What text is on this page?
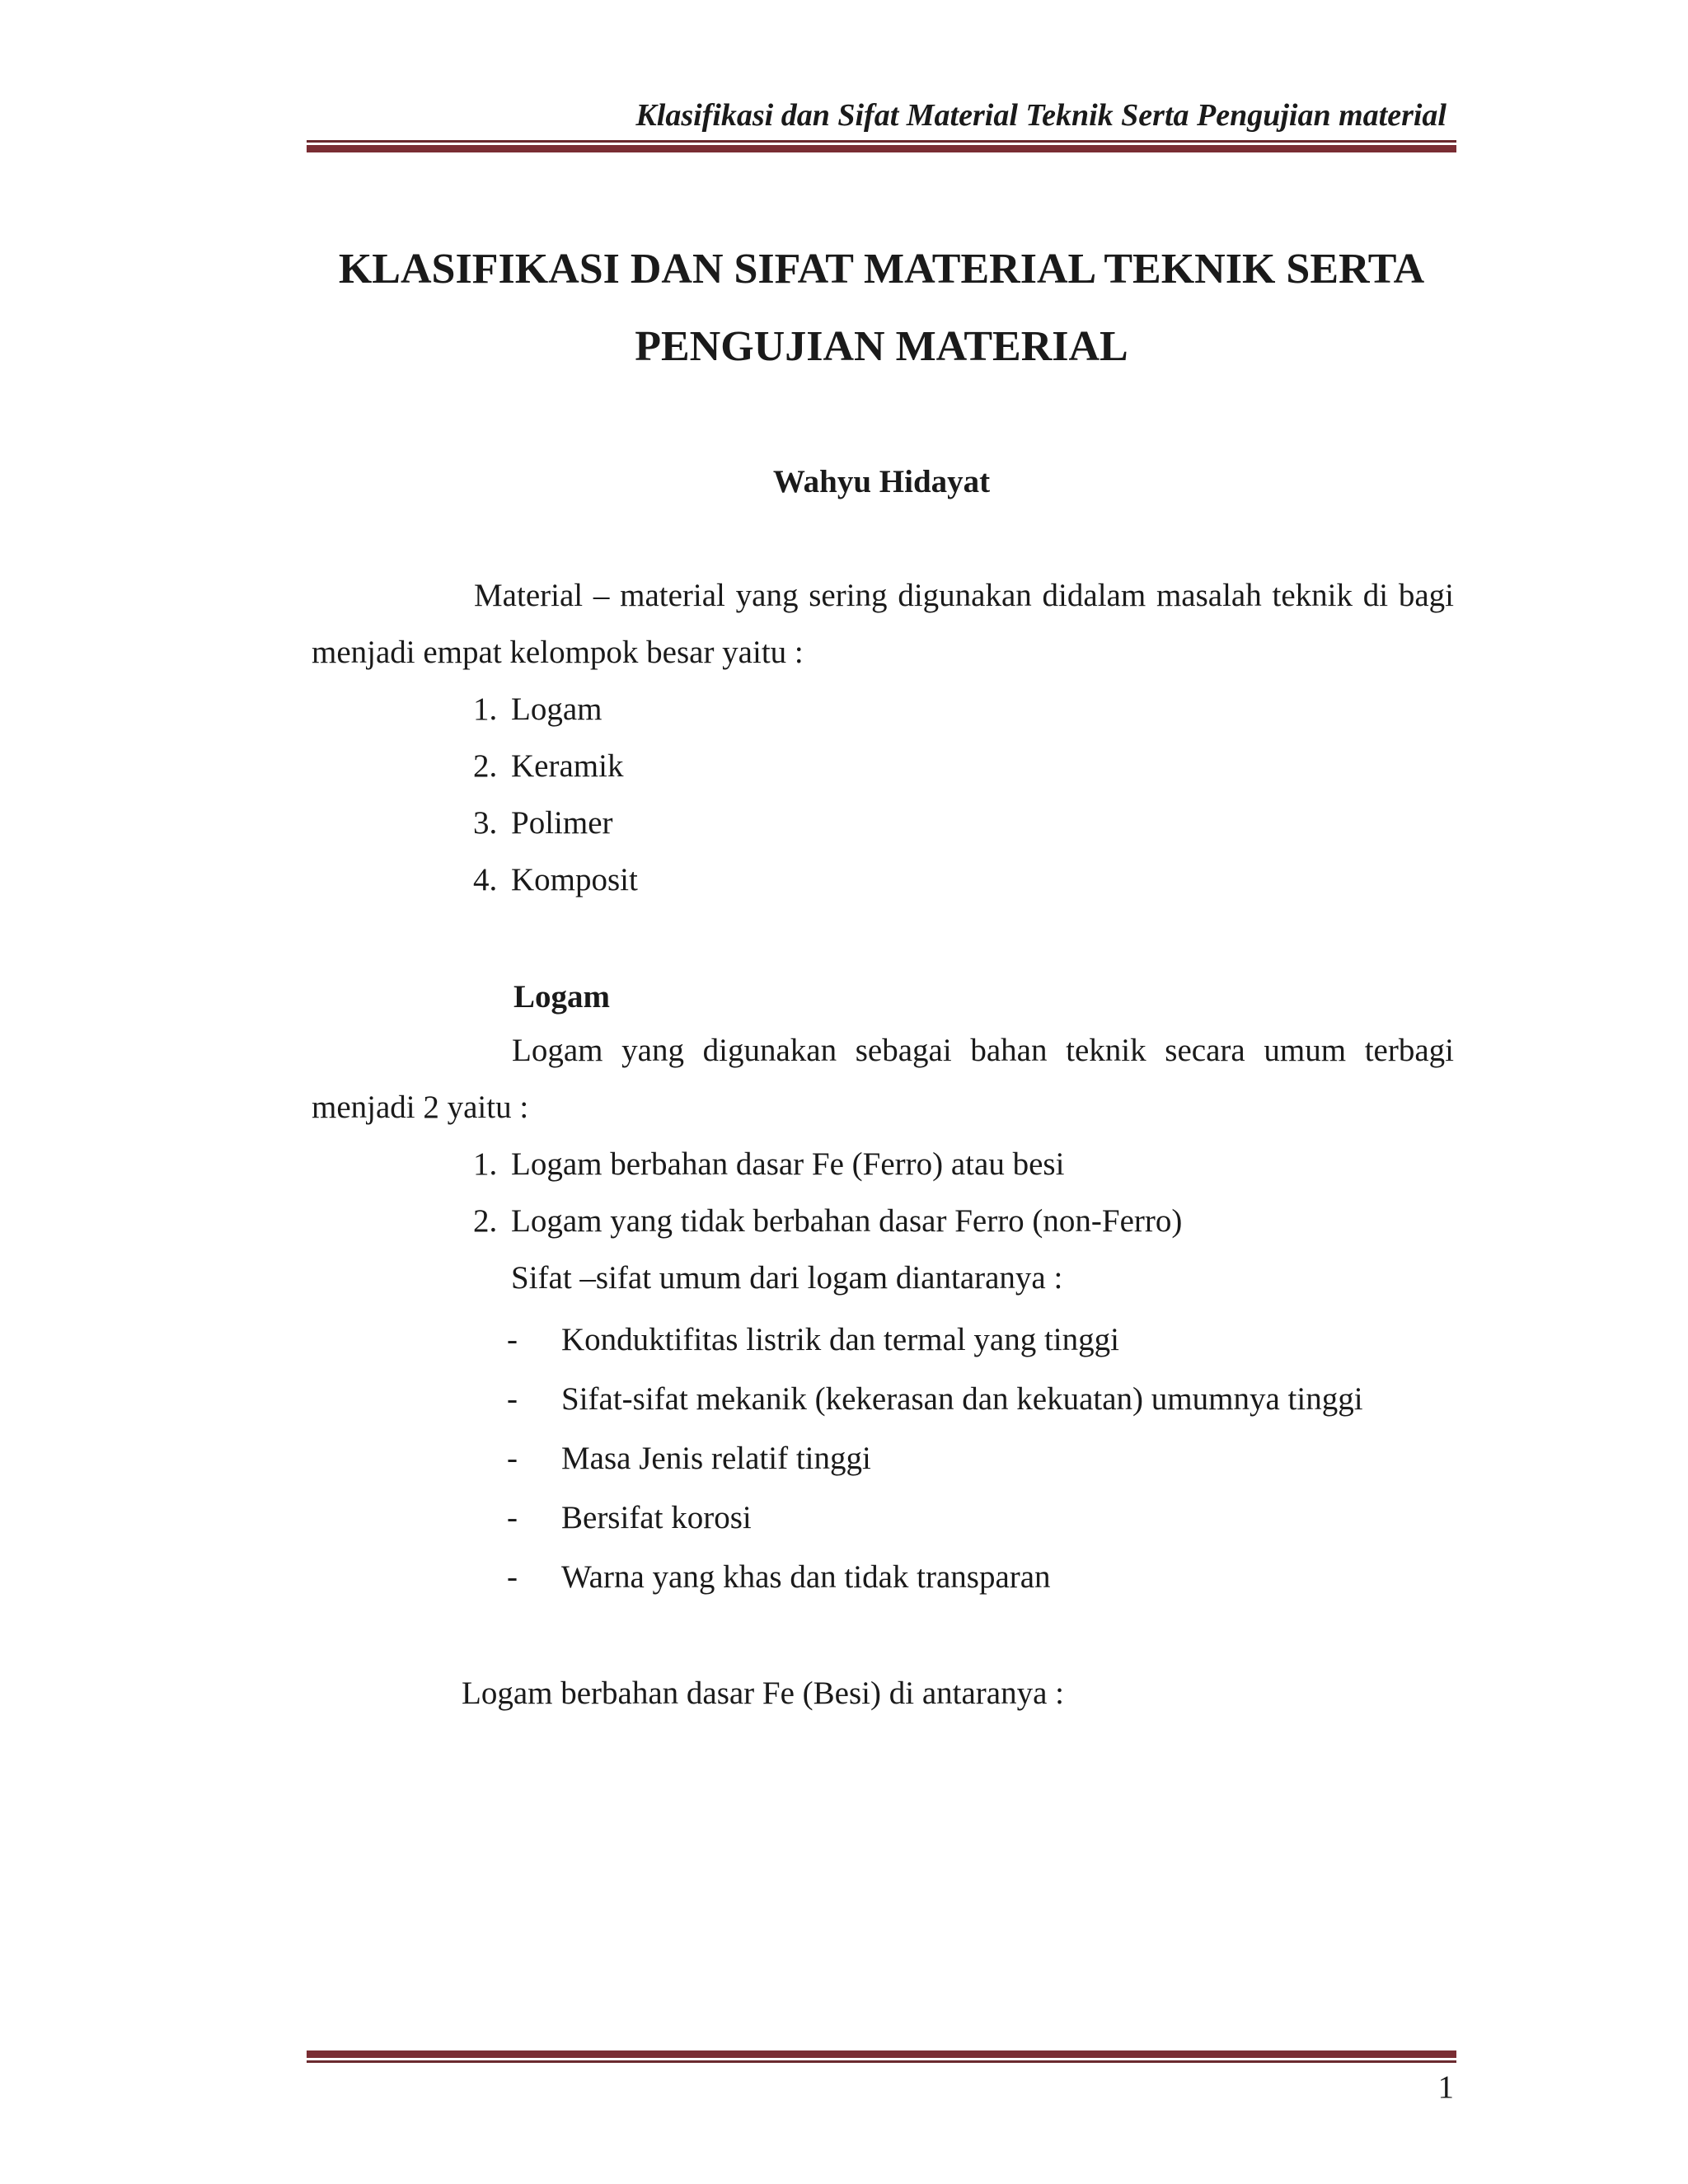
Klasifikasi dan Sifat Material Teknik Serta Pengujian material
KLASIFIKASI DAN SIFAT MATERIAL TEKNIK SERTA
PENGUJIAN MATERIAL

Wahyu Hidayat

Material – material yang sering digunakan didalam masalah teknik di bagi menjadi empat kelompok besar yaitu :

1. Logam
2. Keramik
3. Polimer
4. Komposit
Logam

Logam yang digunakan sebagai bahan teknik secara umum terbagi menjadi 2 yaitu :

1. Logam berbahan dasar Fe (Ferro) atau besi
2. Logam yang tidak berbahan dasar Ferro (non-Ferro)

Sifat –sifat umum dari logam diantaranya :

- Konduktifitas listrik dan termal yang tinggi
- Sifat-sifat mekanik (kekerasan dan kekuatan) umumnya tinggi
- Masa Jenis relatif tinggi
- Bersifat korosi
- Warna yang khas dan tidak transparan

Logam berbahan dasar Fe (Besi) di antaranya :

1
